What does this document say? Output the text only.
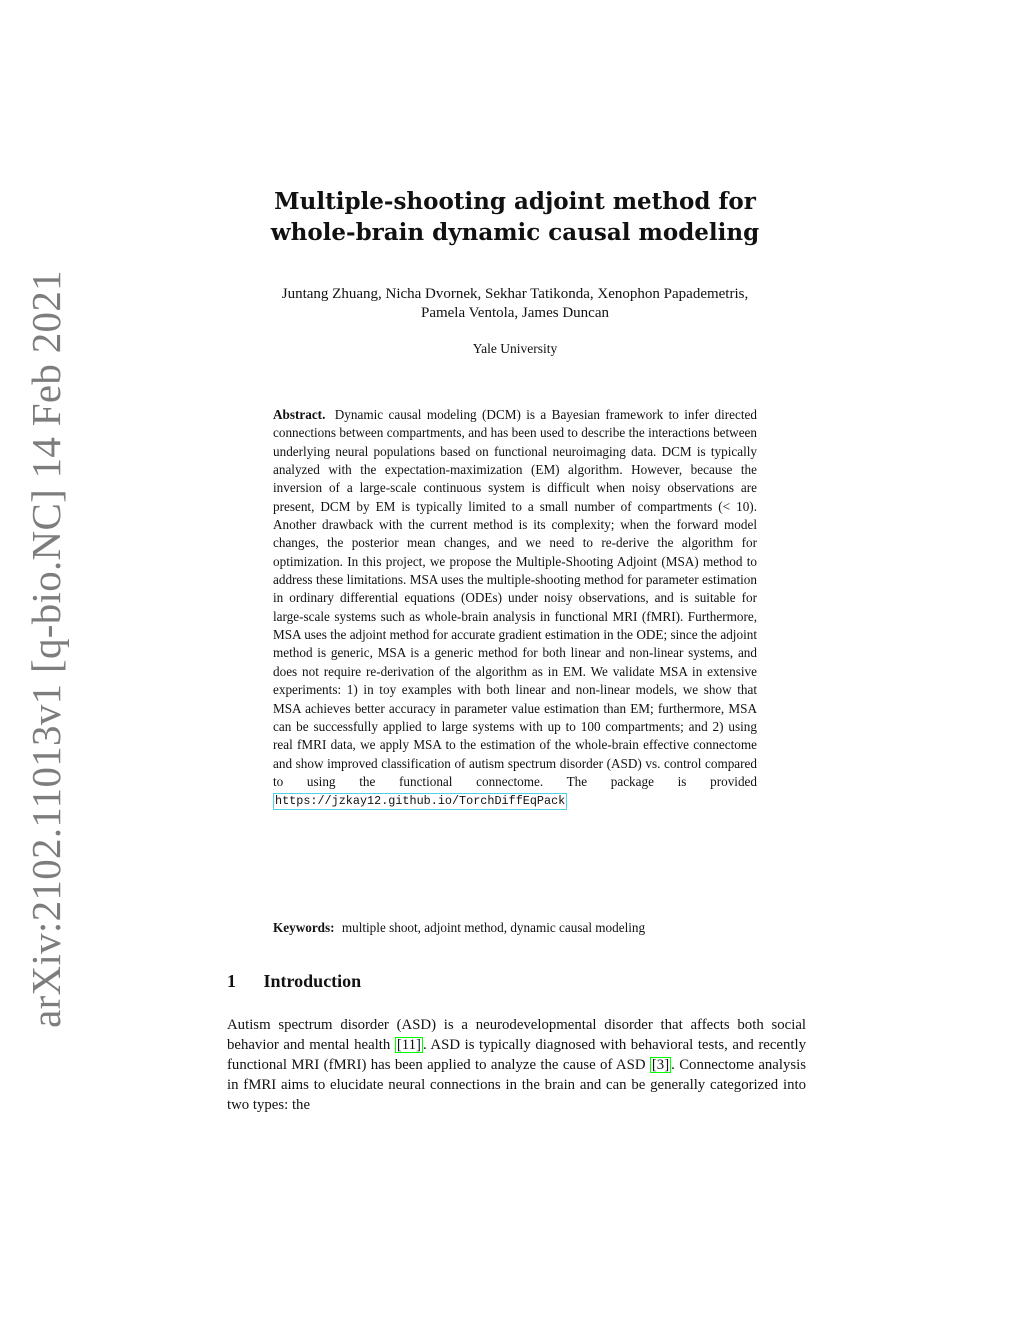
arXiv:2102.11013v1 [q-bio.NC] 14 Feb 2021
Multiple-shooting adjoint method for
whole-brain dynamic causal modeling
Juntang Zhuang, Nicha Dvornek, Sekhar Tatikonda, Xenophon Papademetris,
Pamela Ventola, James Duncan
Yale University
Abstract. Dynamic causal modeling (DCM) is a Bayesian framework to infer directed connections between compartments, and has been used to describe the interactions between underlying neural populations based on functional neuroimaging data. DCM is typically analyzed with the expectation-maximization (EM) algorithm. However, because the inversion of a large-scale continuous system is difficult when noisy observations are present, DCM by EM is typically limited to a small number of compartments (< 10). Another drawback with the current method is its complexity; when the forward model changes, the posterior mean changes, and we need to re-derive the algorithm for optimization. In this project, we propose the Multiple-Shooting Adjoint (MSA) method to address these limitations. MSA uses the multiple-shooting method for parameter estimation in ordinary differential equations (ODEs) under noisy observations, and is suitable for large-scale systems such as whole-brain analysis in functional MRI (fMRI). Furthermore, MSA uses the adjoint method for accurate gradient estimation in the ODE; since the adjoint method is generic, MSA is a generic method for both linear and non-linear systems, and does not require re-derivation of the algorithm as in EM. We validate MSA in extensive experiments: 1) in toy examples with both linear and non-linear models, we show that MSA achieves better accuracy in parameter value estimation than EM; furthermore, MSA can be successfully applied to large systems with up to 100 compartments; and 2) using real fMRI data, we apply MSA to the estimation of the whole-brain effective connectome and show improved classification of autism spectrum disorder (ASD) vs. control compared to using the functional connectome. The package is provided https://jzkay12.github.io/TorchDiffEqPack
Keywords: multiple shoot, adjoint method, dynamic causal modeling
1 Introduction
Autism spectrum disorder (ASD) is a neurodevelopmental disorder that affects both social behavior and mental health [11] . ASD is typically diagnosed with behavioral tests, and recently functional MRI (fMRI) has been applied to analyze the cause of ASD [3] . Connectome analysis in fMRI aims to elucidate neural connections in the brain and can be generally categorized into two types: the
